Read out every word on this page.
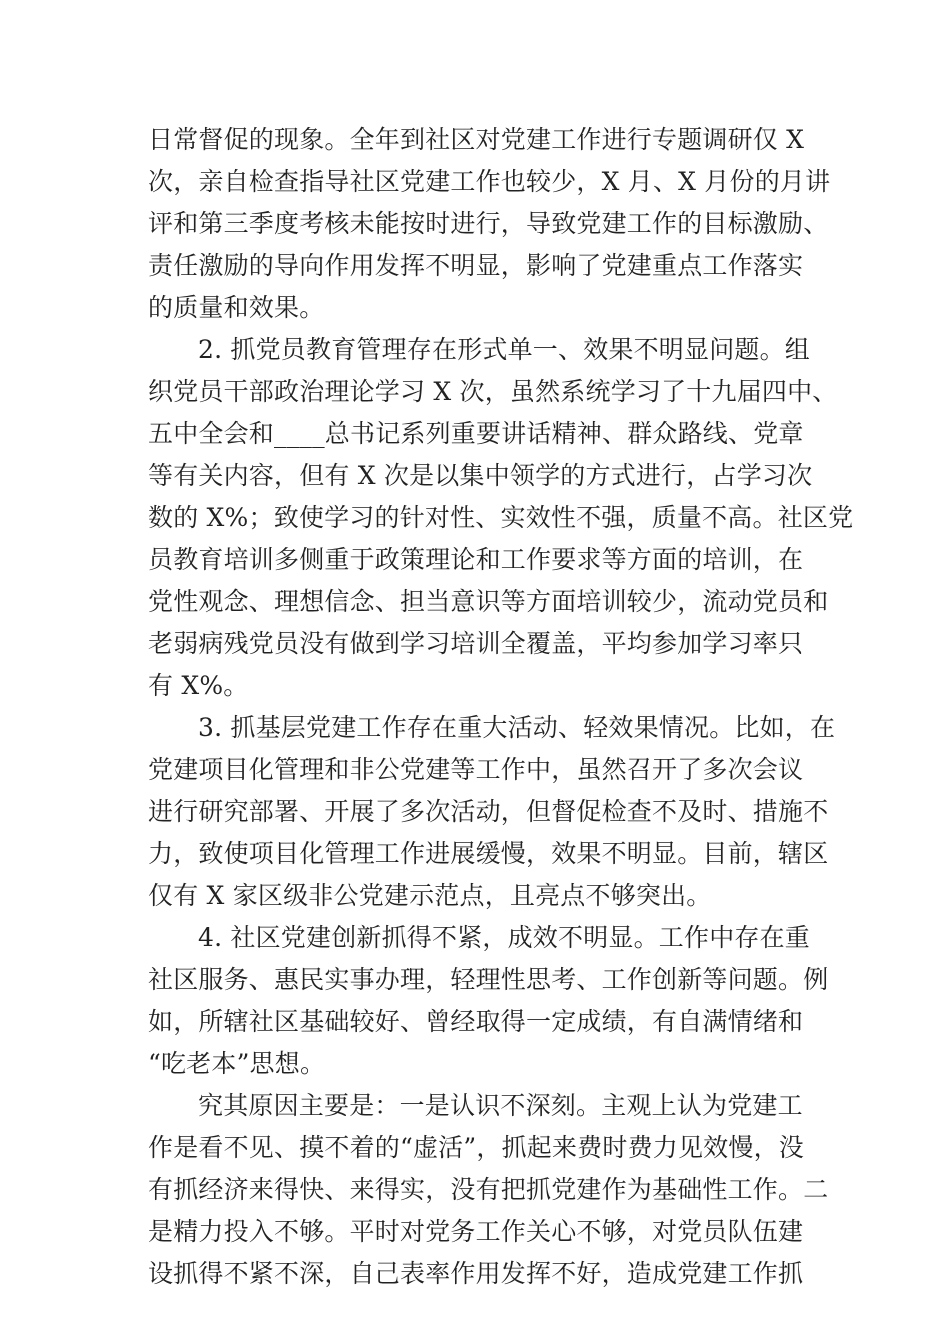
日常督促的现象。全年到社区对党建工作进行专题调研仅 X
次，亲自检查指导社区党建工作也较少，X 月、X 月份的月讲
评和第三季度考核未能按时进行，导致党建工作的目标激励、
责任激励的导向作用发挥不明显，影响了党建重点工作落实
的质量和效果。
2. 抓党员教育管理存在形式单一、效果不明显问题。组
织党员干部政治理论学习 X 次，虽然系统学习了十九届四中、
五中全会和____总书记系列重要讲话精神、群众路线、党章
等有关内容，但有 X 次是以集中领学的方式进行，占学习次
数的 X%；致使学习的针对性、实效性不强，质量不高。社区党
员教育培训多侧重于政策理论和工作要求等方面的培训，在
党性观念、理想信念、担当意识等方面培训较少，流动党员和
老弱病残党员没有做到学习培训全覆盖，平均参加学习率只
有 X%。
3. 抓基层党建工作存在重大活动、轻效果情况。比如，在
党建项目化管理和非公党建等工作中，虽然召开了多次会议
进行研究部署、开展了多次活动，但督促检查不及时、措施不
力，致使项目化管理工作进展缓慢，效果不明显。目前，辖区
仅有 X 家区级非公党建示范点，且亮点不够突出。
4. 社区党建创新抓得不紧，成效不明显。工作中存在重
社区服务、惠民实事办理，轻理性思考、工作创新等问题。例
如，所辖社区基础较好、曾经取得一定成绩，有自满情绪和
“吃老本”思想。
究其原因主要是：一是认识不深刻。主观上认为党建工
作是看不见、摸不着的“虚活”，抓起来费时费力见效慢，没
有抓经济来得快、来得实，没有把抓党建作为基础性工作。二
是精力投入不够。平时对党务工作关心不够，对党员队伍建
设抓得不紧不深，自己表率作用发挥不好，造成党建工作抓
